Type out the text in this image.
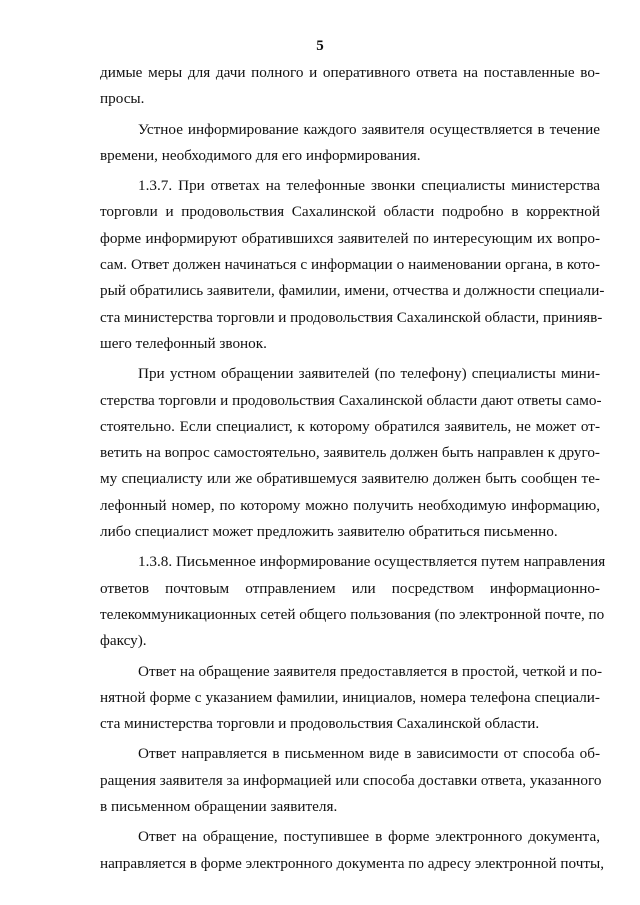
5
димые меры для дачи полного и оперативного ответа на поставленные во-
просы.
Устное информирование каждого заявителя осуществляется в течение
времени, необходимого для его информирования.
1.3.7. При ответах на телефонные звонки специалисты министерства
торговли и продовольствия Сахалинской области подробно в корректной
форме информируют обратившихся заявителей по интересующим их вопро-
сам. Ответ должен начинаться с информации о наименовании органа, в кото-
рый обратились заявители, фамилии, имени, отчества и должности специали-
ста министерства торговли и продовольствия Сахалинской области, принияв-
шего телефонный звонок.
При устном обращении заявителей (по телефону) специалисты мини-
стерства торговли и продовольствия Сахалинской области дают ответы само-
стоятельно. Если специалист, к которому обратился заявитель, не может от-
ветить на вопрос самостоятельно, заявитель должен быть направлен к друго-
му специалисту или же обратившемуся заявителю должен быть сообщен те-
лефонный номер, по которому можно получить необходимую информацию,
либо специалист может предложить заявителю обратиться письменно.
1.3.8. Письменное информирование осуществляется путем направления
ответов почтовым отправлением или посредством информационно-
телекоммуникационных сетей общего пользования (по электронной почте, по
факсу).
Ответ на обращение заявителя предоставляется в простой, четкой и по-
нятной форме с указанием фамилии, инициалов, номера телефона специали-
ста министерства торговли и продовольствия Сахалинской области.
Ответ направляется в письменном виде в зависимости от способа об-
ращения заявителя за информацией или способа доставки ответа, указанного
в письменном обращении заявителя.
Ответ на обращение, поступившее в форме электронного документа,
направляется в форме электронного документа по адресу электронной почты,
